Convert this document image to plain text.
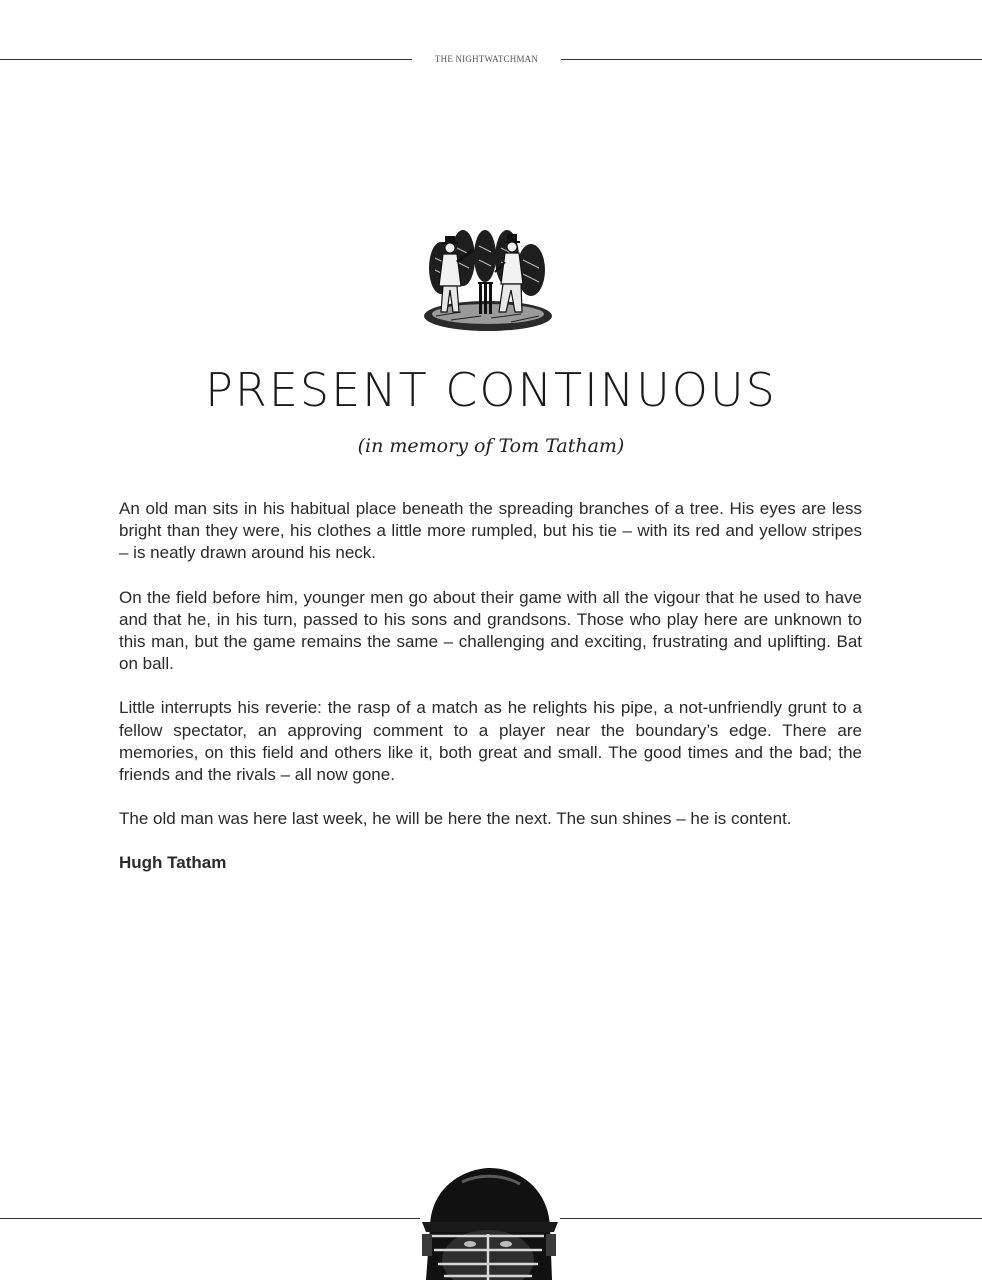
THE NIGHTWATCHMAN
PRESENT CONTINUOUS
(in memory of Tom Tatham)

An old man sits in his habitual place beneath the spreading branches of a tree. His eyes are less bright than they were, his clothes a little more rumpled, but his tie – with its red and yellow stripes – is neatly drawn around his neck.

On the field before him, younger men go about their game with all the vigour that he used to have and that he, in his turn, passed to his sons and grandsons. Those who play here are unknown to this man, but the game remains the same – challenging and exciting, frustrating and uplifting. Bat on ball.

Little interrupts his reverie: the rasp of a match as he relights his pipe, a not-unfriendly grunt to a fellow spectator, an approving comment to a player near the boundary’s edge. There are memories, on this field and others like it, both great and small. The good times and the bad; the friends and the rivals – all now gone.

The old man was here last week, he will be here the next. The sun shines – he is content.

Hugh Tatham
